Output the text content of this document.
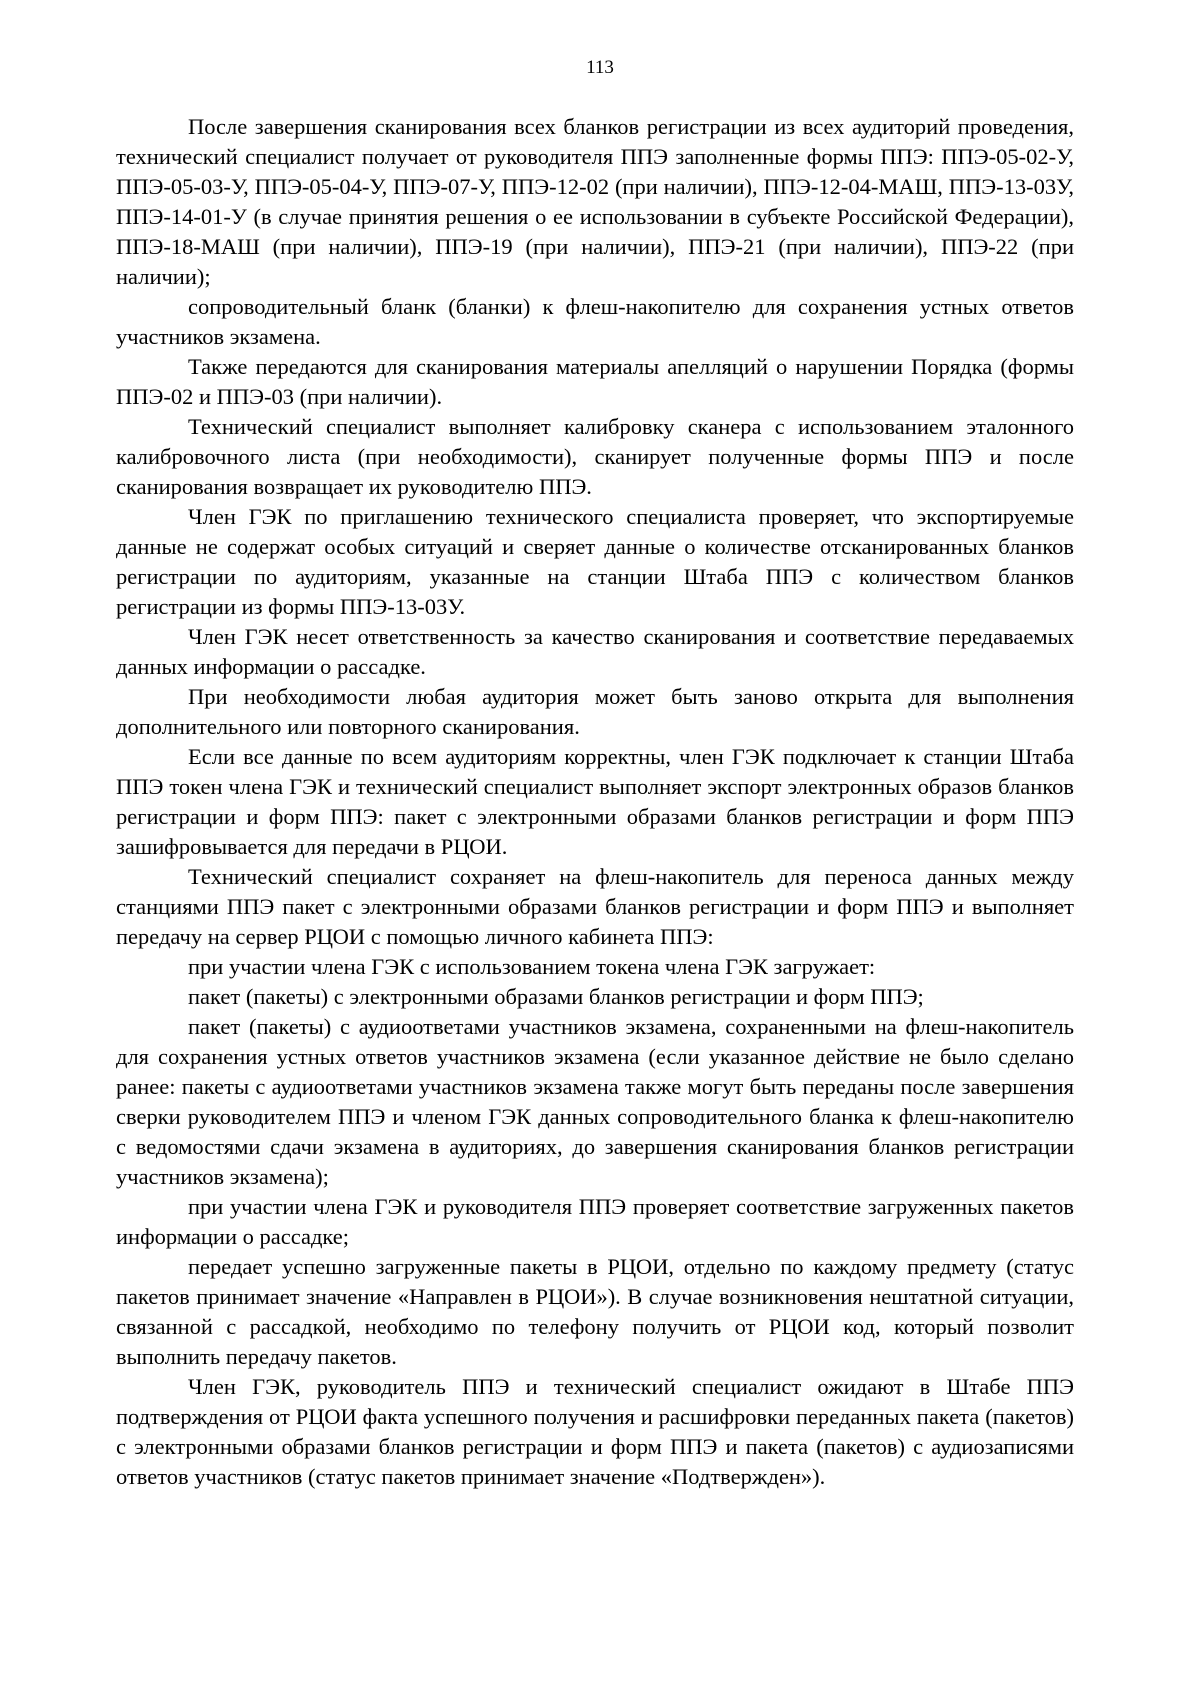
113

После завершения сканирования всех бланков регистрации из всех аудиторий проведения, технический специалист получает от руководителя ППЭ заполненные формы ППЭ: ППЭ-05-02-У, ППЭ-05-03-У, ППЭ-05-04-У, ППЭ-07-У, ППЭ-12-02 (при наличии), ППЭ-12-04-МАШ, ППЭ-13-03У, ППЭ-14-01-У (в случае принятия решения о ее использовании в субъекте Российской Федерации), ППЭ-18-МАШ (при наличии), ППЭ-19 (при наличии), ППЭ-21 (при наличии), ППЭ-22 (при наличии);

сопроводительный бланк (бланки) к флеш-накопителю для сохранения устных ответов участников экзамена.

Также передаются для сканирования материалы апелляций о нарушении Порядка (формы ППЭ-02 и ППЭ-03 (при наличии).

Технический специалист выполняет калибровку сканера с использованием эталонного калибровочного листа (при необходимости), сканирует полученные формы ППЭ и после сканирования возвращает их руководителю ППЭ.

Член ГЭК по приглашению технического специалиста проверяет, что экспортируемые данные не содержат особых ситуаций и сверяет данные о количестве отсканированных бланков регистрации по аудиториям, указанные на станции Штаба ППЭ с количеством бланков регистрации из формы ППЭ-13-03У.

Член ГЭК несет ответственность за качество сканирования и соответствие передаваемых данных информации о рассадке.

При необходимости любая аудитория может быть заново открыта для выполнения дополнительного или повторного сканирования.

Если все данные по всем аудиториям корректны, член ГЭК подключает к станции Штаба ППЭ токен члена ГЭК и технический специалист выполняет экспорт электронных образов бланков регистрации и форм ППЭ: пакет с электронными образами бланков регистрации и форм ППЭ зашифровывается для передачи в РЦОИ.

Технический специалист сохраняет на флеш-накопитель для переноса данных между станциями ППЭ пакет с электронными образами бланков регистрации и форм ППЭ и выполняет передачу на сервер РЦОИ с помощью личного кабинета ППЭ:

при участии члена ГЭК с использованием токена члена ГЭК загружает:

пакет (пакеты) с электронными образами бланков регистрации и форм ППЭ;

пакет (пакеты) с аудиоответами участников экзамена, сохраненными на флеш-накопитель для сохранения устных ответов участников экзамена (если указанное действие не было сделано ранее: пакеты с аудиоответами участников экзамена также могут быть переданы после завершения сверки руководителем ППЭ и членом ГЭК данных сопроводительного бланка к флеш-накопителю с ведомостями сдачи экзамена в аудиториях, до завершения сканирования бланков регистрации участников экзамена);

при участии члена ГЭК и руководителя ППЭ проверяет соответствие загруженных пакетов информации о рассадке;

передает успешно загруженные пакеты в РЦОИ, отдельно по каждому предмету (статус пакетов принимает значение «Направлен в РЦОИ»). В случае возникновения нештатной ситуации, связанной с рассадкой, необходимо по телефону получить от РЦОИ код, который позволит выполнить передачу пакетов.

Член ГЭК, руководитель ППЭ и технический специалист ожидают в Штабе ППЭ подтверждения от РЦОИ факта успешного получения и расшифровки переданных пакета (пакетов) с электронными образами бланков регистрации и форм ППЭ и пакета (пакетов) с аудиозаписями ответов участников (статус пакетов принимает значение «Подтвержден»).
